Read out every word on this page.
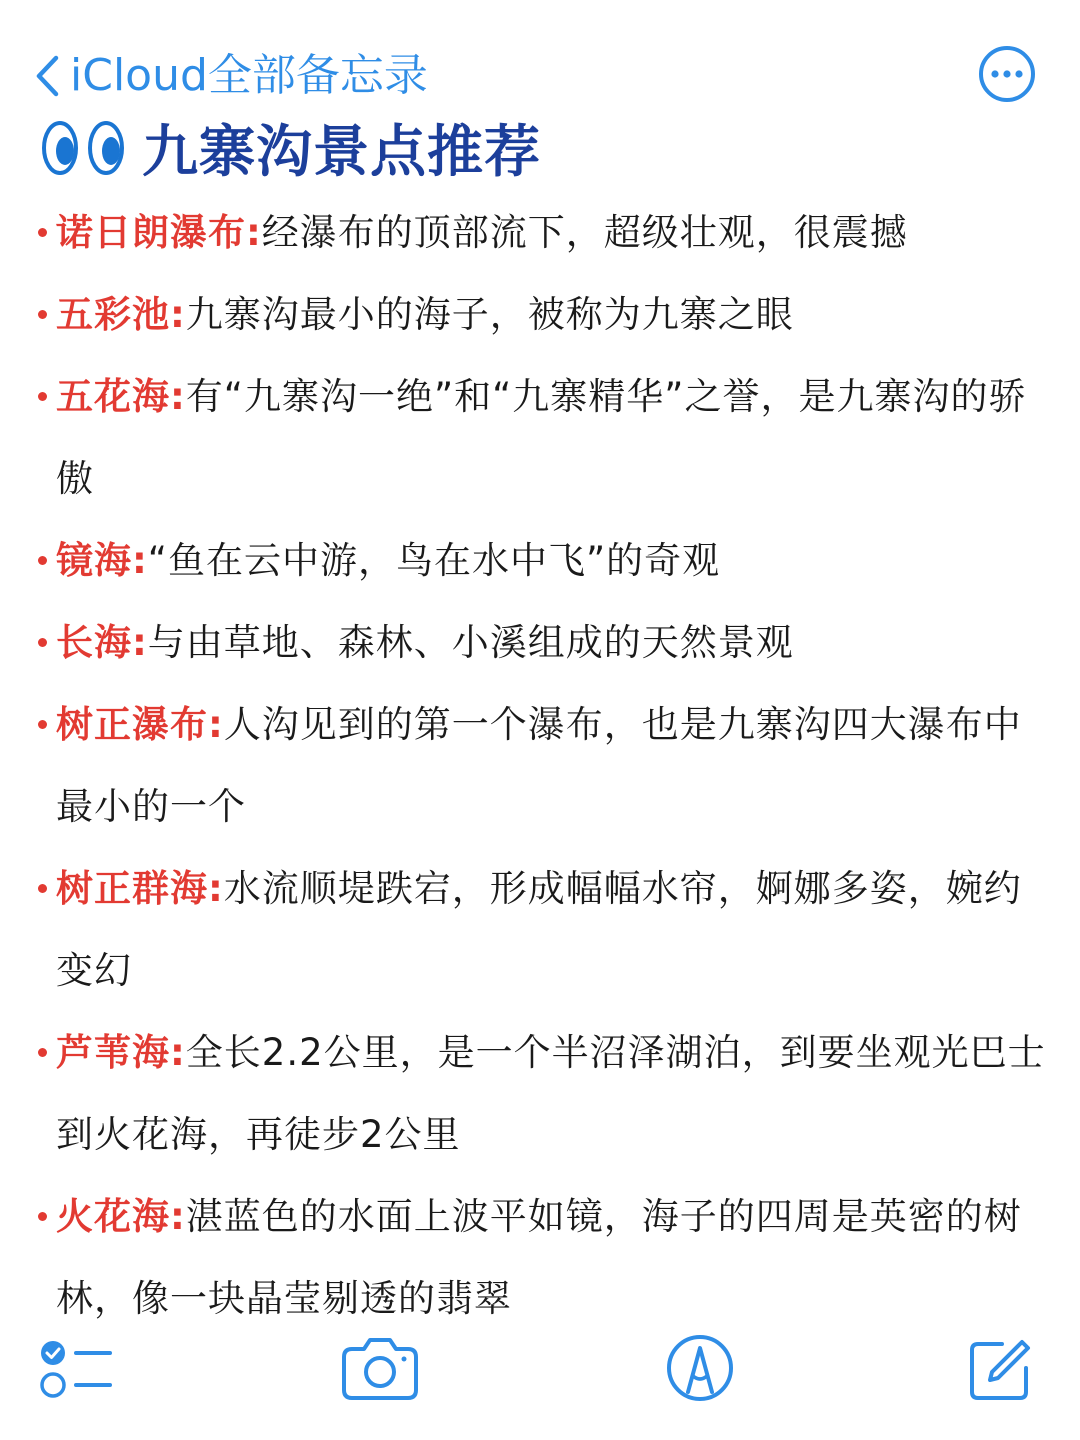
iCloud全部备忘录
九寨沟景点推荐
诺日朗瀑布:经瀑布的顶部流下，超级壮观，很震撼
五彩池:九寨沟最小的海子，被称为九寨之眼
五花海:有“九寨沟一绝”和“九寨精华”之誉，是九寨沟的骄傲
镜海:“鱼在云中游，鸟在水中飞”的奇观
长海:与由草地、森林、小溪组成的天然景观
树正瀑布:人沟见到的第一个瀑布，也是九寨沟四大瀑布中最小的一个
树正群海:水流顺堤跌宕，形成幅幅水帘，婀娜多姿，婉约变幻
芦苇海:全长2.2公里，是一个半沼泽湖泊，到要坐观光巴士到火花海，再徒步2公里
火花海:湛蓝色的水面上波平如镜，海子的四周是英密的树林，像一块晶莹剔透的翡翠
